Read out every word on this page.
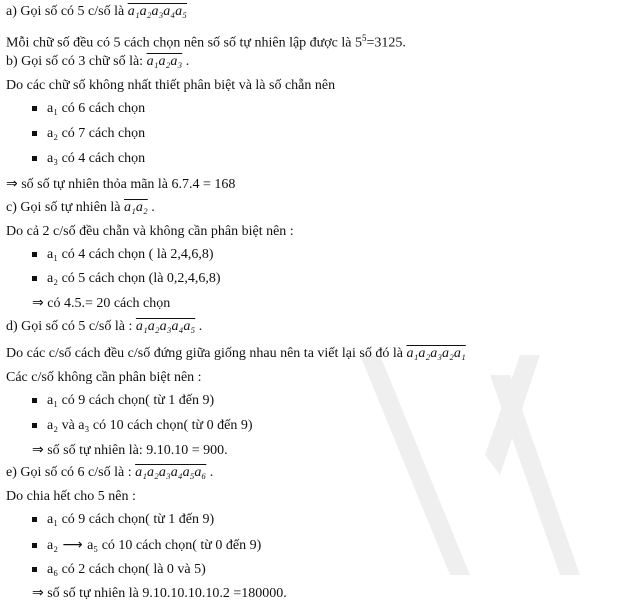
a) Gọi số có 5 c/số là a₁a₂a₃a₄a₅
Mỗi chữ số đều có 5 cách chọn nên số số tự nhiên lập được là $5^5=3125$.
b) Gọi số có 3 chữ số là: a₁a₂a₃ .
Do các chữ số không nhất thiết phân biệt và là số chẵn nên
a₁ có 6 cách chọn
a₂ có 7 cách chọn
a₃ có 4 cách chọn
⇒ số số tự nhiên thỏa mãn là 6.7.4 = 168
c) Gọi số tự nhiên là a₁a₂ .
Do cả 2 c/số đều chẵn và không cần phân biệt nên :
a₁ có 4 cách chọn ( là 2,4,6,8)
a₂ có 5 cách chọn (là 0,2,4,6,8)
⇒ có 4.5.= 20 cách chọn
d) Gọi số có 5 c/số là : a₁a₂a₃a₄a₅ .
Do các c/số cách đều c/số đứng giữa giống nhau nên ta viết lại số đó là a₁a₂a₃a₂a₁
Các c/số không cần phân biệt nên :
a₁ có 9 cách chọn( từ 1 đến 9)
a₂ và a₃ có 10 cách chọn( từ 0 đến 9)
⇒ số số tự nhiên là: 9.10.10 = 900.
e) Gọi số có 6 c/số là : a₁a₂a₃a₄a₅a₆ .
Do chia hết cho 5 nên :
a₁ có 9 cách chọn( từ 1 đến 9)
a₂ ⟶ a₅ có 10 cách chọn( từ 0 đến 9)
a₆ có 2 cách chọn( là 0 và 5)
⇒ số số tự nhiên là 9.10.10.10.10.2 =180000.
